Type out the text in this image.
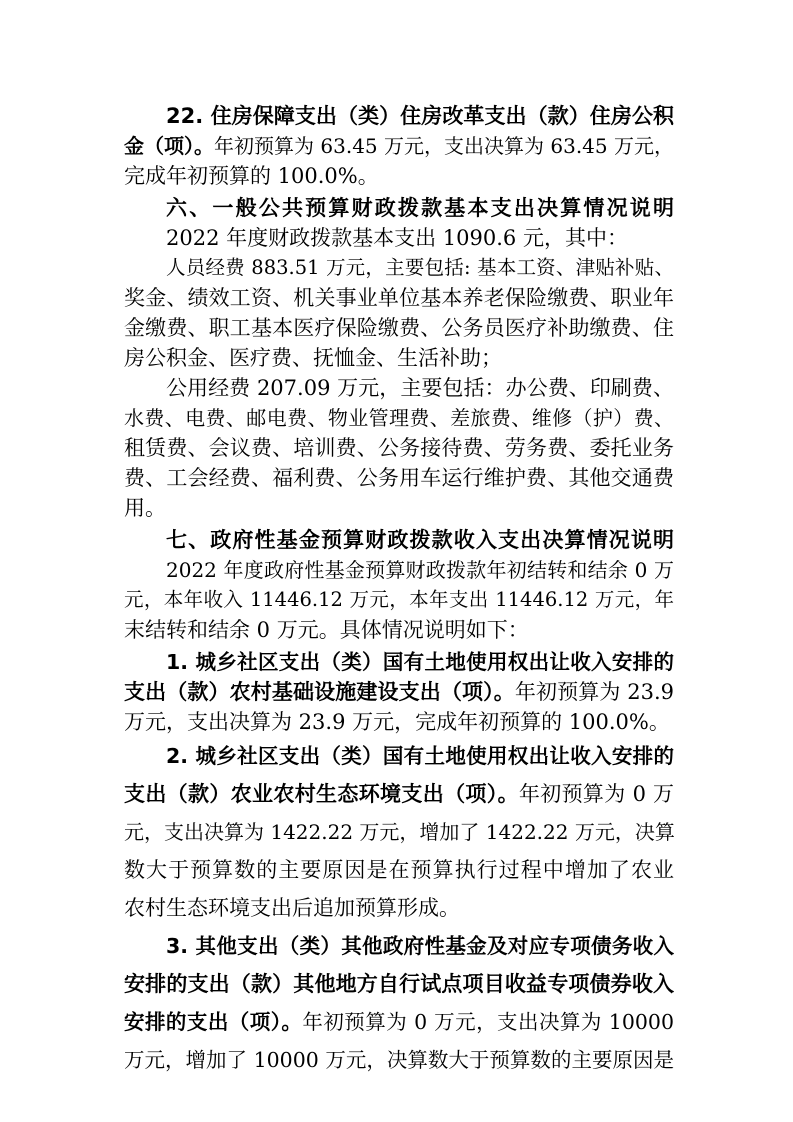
22. 住房保障支出（类）住房改革支出（款）住房公积
金（项）。年初预算为 63.45 万元，支出决算为 63.45 万元，
完成年初预算的 100.0%。
六、一般公共预算财政拨款基本支出决算情况说明
2022 年度财政拨款基本支出 1090.6 元，其中：
人员经费 883.51 万元，主要包括: 基本工资、津贴补贴、
奖金、绩效工资、机关事业单位基本养老保险缴费、职业年
金缴费、职工基本医疗保险缴费、公务员医疗补助缴费、住
房公积金、医疗费、抚恤金、生活补助；
公用经费 207.09 万元，主要包括：办公费、印刷费、
水费、电费、邮电费、物业管理费、差旅费、维修（护）费、
租赁费、会议费、培训费、公务接待费、劳务费、委托业务
费、工会经费、福利费、公务用车运行维护费、其他交通费
用。
七、政府性基金预算财政拨款收入支出决算情况说明
2022 年度政府性基金预算财政拨款年初结转和结余 0 万
元，本年收入 11446.12 万元，本年支出 11446.12 万元，年
末结转和结余 0 万元。具体情况说明如下：
1. 城乡社区支出（类）国有土地使用权出让收入安排的
支出（款）农村基础设施建设支出（项）。年初预算为 23.9
万元，支出决算为 23.9 万元，完成年初预算的 100.0%。
2. 城乡社区支出（类）国有土地使用权出让收入安排的
支出（款）农业农村生态环境支出（项）。年初预算为 0 万
元，支出决算为 1422.22 万元，增加了 1422.22 万元，决算
数大于预算数的主要原因是在预算执行过程中增加了农业
农村生态环境支出后追加预算形成。
3. 其他支出（类）其他政府性基金及对应专项债务收入
安排的支出（款）其他地方自行试点项目收益专项债券收入
安排的支出（项）。年初预算为 0 万元，支出决算为 10000
万元，增加了 10000 万元，决算数大于预算数的主要原因是
